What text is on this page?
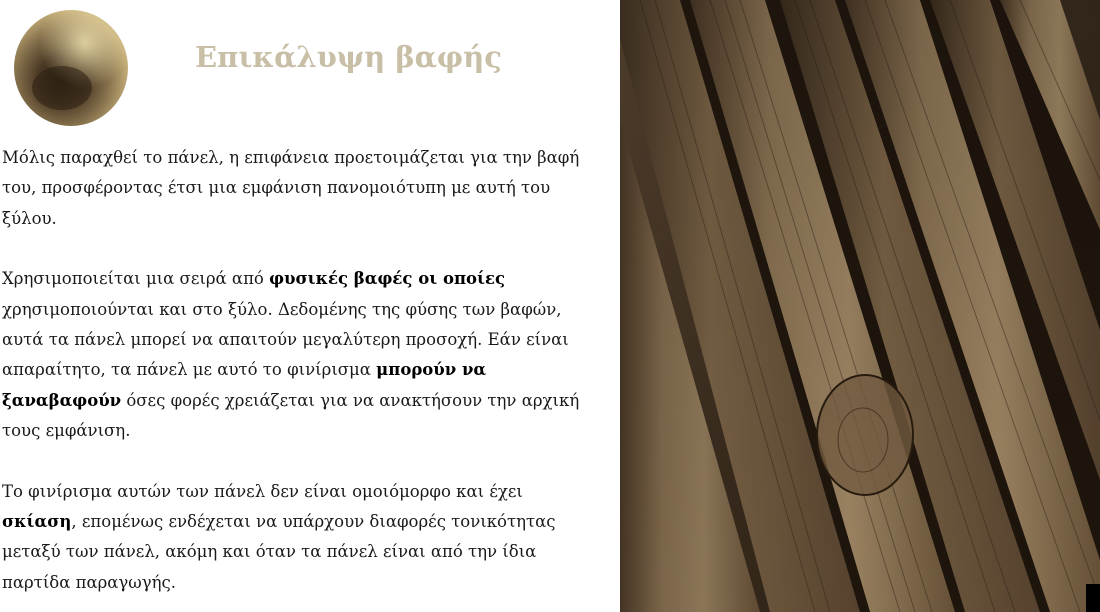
Επικάλυψη βαφής

Μόλις παραχθεί το πάνελ, η επιφάνεια προετοιμάζεται για την βαφή του, προσφέροντας έτσι μια εμφάνιση πανομοιότυπη με αυτή του ξύλου.

Χρησιμοποιείται μια σειρά από φυσικές βαφές οι οποίες χρησιμοποιούνται και στο ξύλο. Δεδομένης της φύσης των βαφών, αυτά τα πάνελ μπορεί να απαιτούν μεγαλύτερη προσοχή. Εάν είναι απαραίτητο, τα πάνελ με αυτό το φινίρισμα μπορούν να ξαναβαφούν όσες φορές χρειάζεται για να ανακτήσουν την αρχική τους εμφάνιση.

Το φινίρισμα αυτών των πάνελ δεν είναι ομοιόμορφο και έχει σκίαση, επομένως ενδέχεται να υπάρχουν διαφορές τονικότητας μεταξύ των πάνελ, ακόμη και όταν τα πάνελ είναι από την ίδια παρτίδα παραγωγής.
